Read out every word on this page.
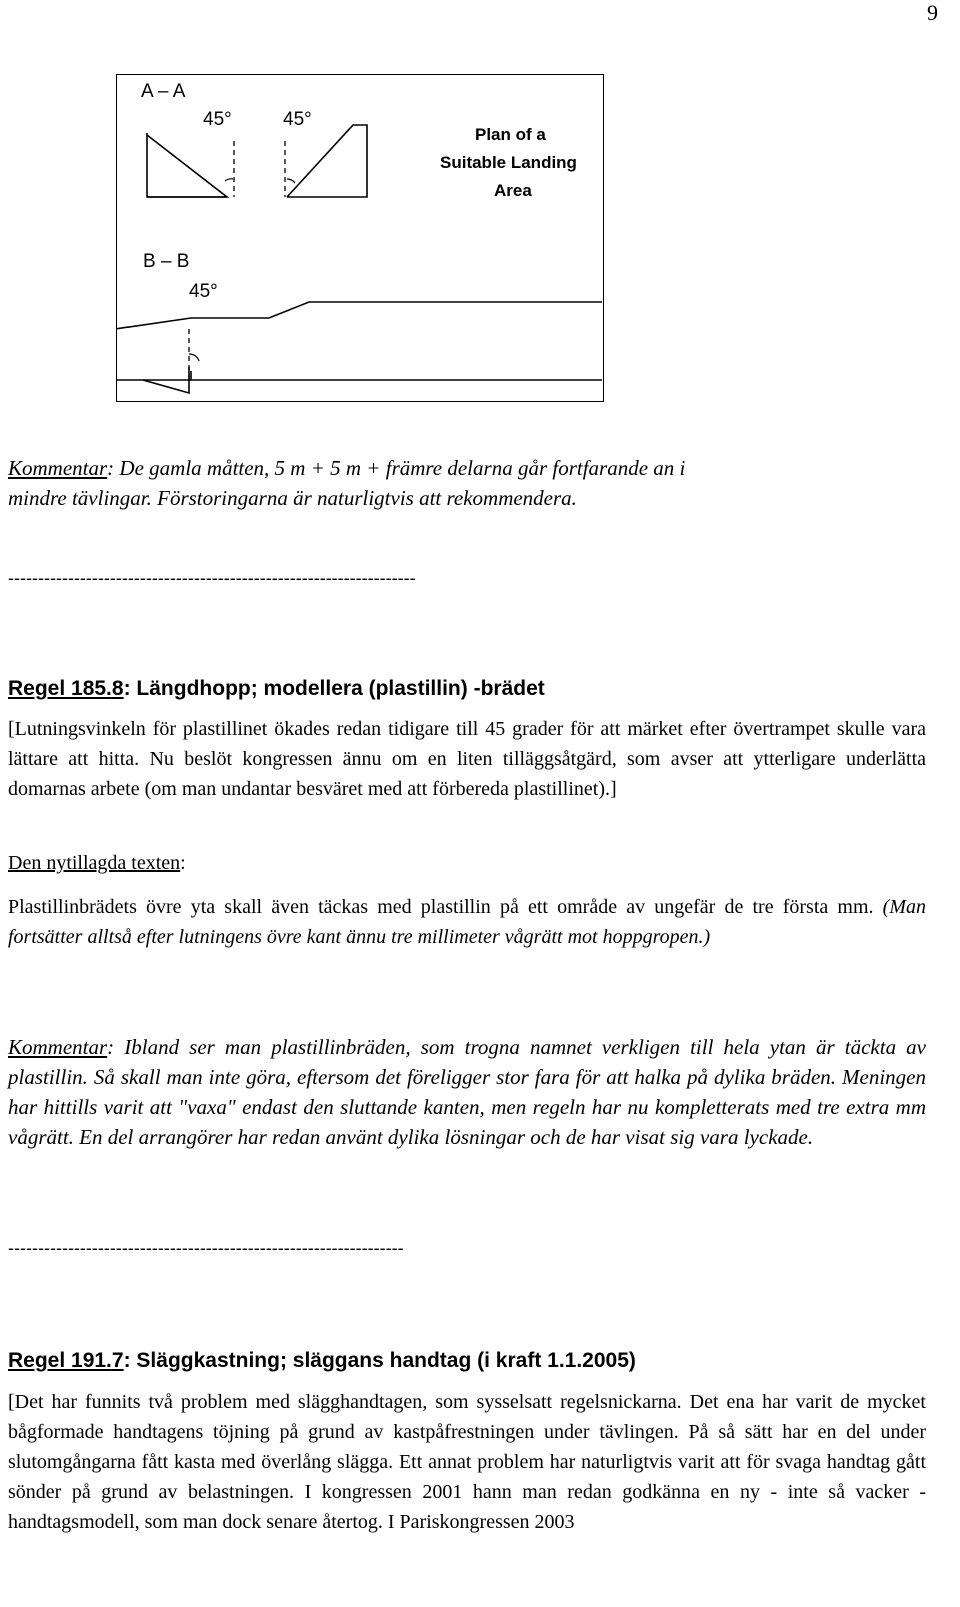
9
A – A
45°	45°
Plan of a
Suitable Landing
Area
B – B
45°
Kommentar: De gamla måtten, 5 m + 5 m + främre delarna går fortfarande an i
mindre tävlingar. Förstoringarna är naturligtvis att rekommendera.
--------------------------------------------------------------------
Regel 185.8: Längdhopp; modellera (plastillin) -brädet
[Lutningsvinkeln för plastillinet ökades redan tidigare till 45 grader för att märket efter övertrampet skulle vara lättare att hitta. Nu beslöt kongressen ännu om en liten tilläggsåtgärd, som avser att ytterligare underlätta domarnas arbete (om man undantar besväret med att förbereda plastillinet).]
Den nytillagda texten:
Plastillinbrädets övre yta skall även täckas med plastillin på ett område av ungefär de tre första mm. (Man fortsätter alltså efter lutningens övre kant ännu tre millimeter vågrätt mot hoppgropen.)
Kommentar: Ibland ser man plastillinbräden, som trogna namnet verkligen till hela ytan är täckta av plastillin. Så skall man inte göra, eftersom det föreligger stor fara för att halka på dylika bräden. Meningen har hittills varit att "vaxa" endast den sluttande kanten, men regeln har nu kompletterats med tre extra mm vågrätt. En del arrangörer har redan använt dylika lösningar och de har visat sig vara lyckade.
------------------------------------------------------------------
Regel 191.7: Släggkastning; släggans handtag (i kraft 1.1.2005)
[Det har funnits två problem med slägghandtagen, som sysselsatt regelsnickarna. Det ena har varit de mycket bågformade handtagens töjning på grund av kastpåfrestningen under tävlingen. På så sätt har en del under slutomgångarna fått kasta med överlång slägga. Ett annat problem har naturligtvis varit att för svaga handtag gått sönder på grund av belastningen. I kongressen 2001 hann man redan godkänna en ny - inte så vacker - handtagsmodell, som man dock senare återtog. I Pariskongressen 2003
